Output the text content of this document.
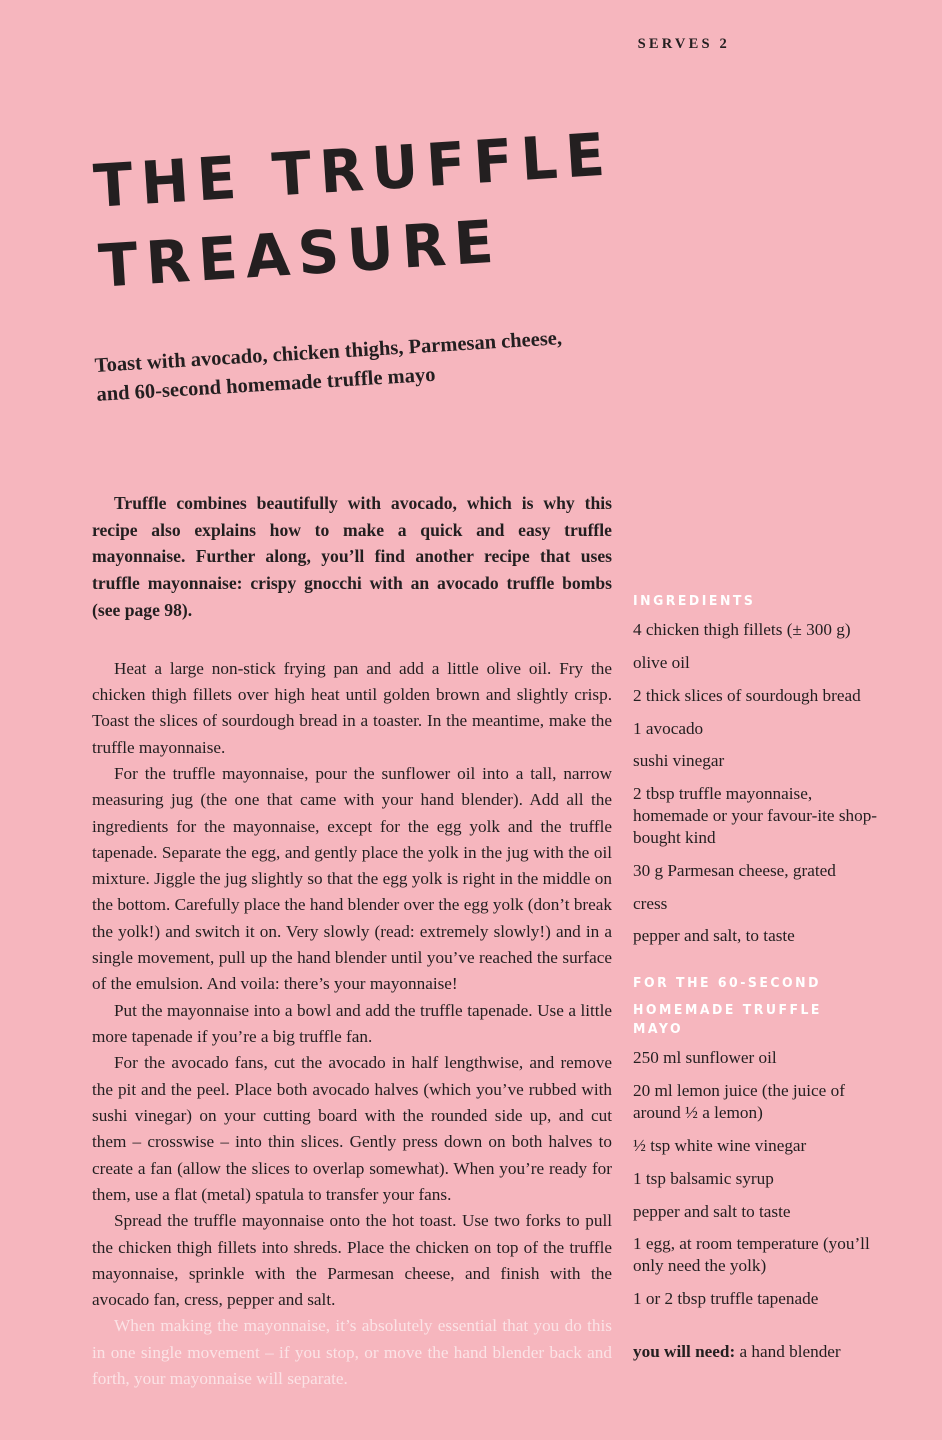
SERVES 2
THE TRUFFLE
TREASURE
Toast with avocado, chicken thighs, Parmesan cheese, and 60-second homemade truffle mayo

Truffle combines beautifully with avocado, which is why this recipe also explains how to make a quick and easy truffle mayonnaise. Further along, you’ll find another recipe that uses truffle mayonnaise: crispy gnocchi with an avocado truffle bombs (see page 98).

Heat a large non-stick frying pan and add a little olive oil. Fry the chicken thigh fillets over high heat until golden brown and slightly crisp. Toast the slices of sourdough bread in a toaster. In the meantime, make the truffle mayonnaise.

For the truffle mayonnaise, pour the sunflower oil into a tall, narrow measuring jug (the one that came with your hand blender). Add all the ingredients for the mayonnaise, except for the egg yolk and the truffle tapenade. Separate the egg, and gently place the yolk in the jug with the oil mixture. Jiggle the jug slightly so that the egg yolk is right in the middle on the bottom. Carefully place the hand blender over the egg yolk (don’t break the yolk!) and switch it on. Very slowly (read: extremely slowly!) and in a single movement, pull up the hand blender until you’ve reached the surface of the emulsion. And voila: there’s your mayonnaise!

Put the mayonnaise into a bowl and add the truffle tapenade. Use a little more tapenade if you’re a big truffle fan.

For the avocado fans, cut the avocado in half lengthwise, and remove the pit and the peel. Place both avocado halves (which you’ve rubbed with sushi vinegar) on your cutting board with the rounded side up, and cut them – crosswise – into thin slices. Gently press down on both halves to create a fan (allow the slices to overlap somewhat). When you’re ready for them, use a flat (metal) spatula to transfer your fans.

Spread the truffle mayonnaise onto the hot toast. Use two forks to pull the chicken thigh fillets into shreds. Place the chicken on top of the truffle mayonnaise, sprinkle with the Parmesan cheese, and finish with the avocado fan, cress, pepper and salt.

When making the mayonnaise, it’s absolutely essential that you do this in one single movement – if you stop, or move the hand blender back and forth, your mayonnaise will separate.

INGREDIENTS

4 chicken thigh fillets (± 300 g)

olive oil

2 thick slices of sourdough bread

1 avocado

sushi vinegar

2 tbsp truffle mayonnaise, homemade or your favour-ite shop-bought kind

30 g Parmesan cheese, grated

cress

pepper and salt, to taste

FOR THE 60-SECOND
HOMEMADE TRUFFLE MAYO

250 ml sunflower oil

20 ml lemon juice (the juice of around ½ a lemon)

½ tsp white wine vinegar

1 tsp balsamic syrup

pepper and salt to taste

1 egg, at room temperature (you’ll only need the yolk)

1 or 2 tbsp truffle tapenade

you will need: a hand blender
